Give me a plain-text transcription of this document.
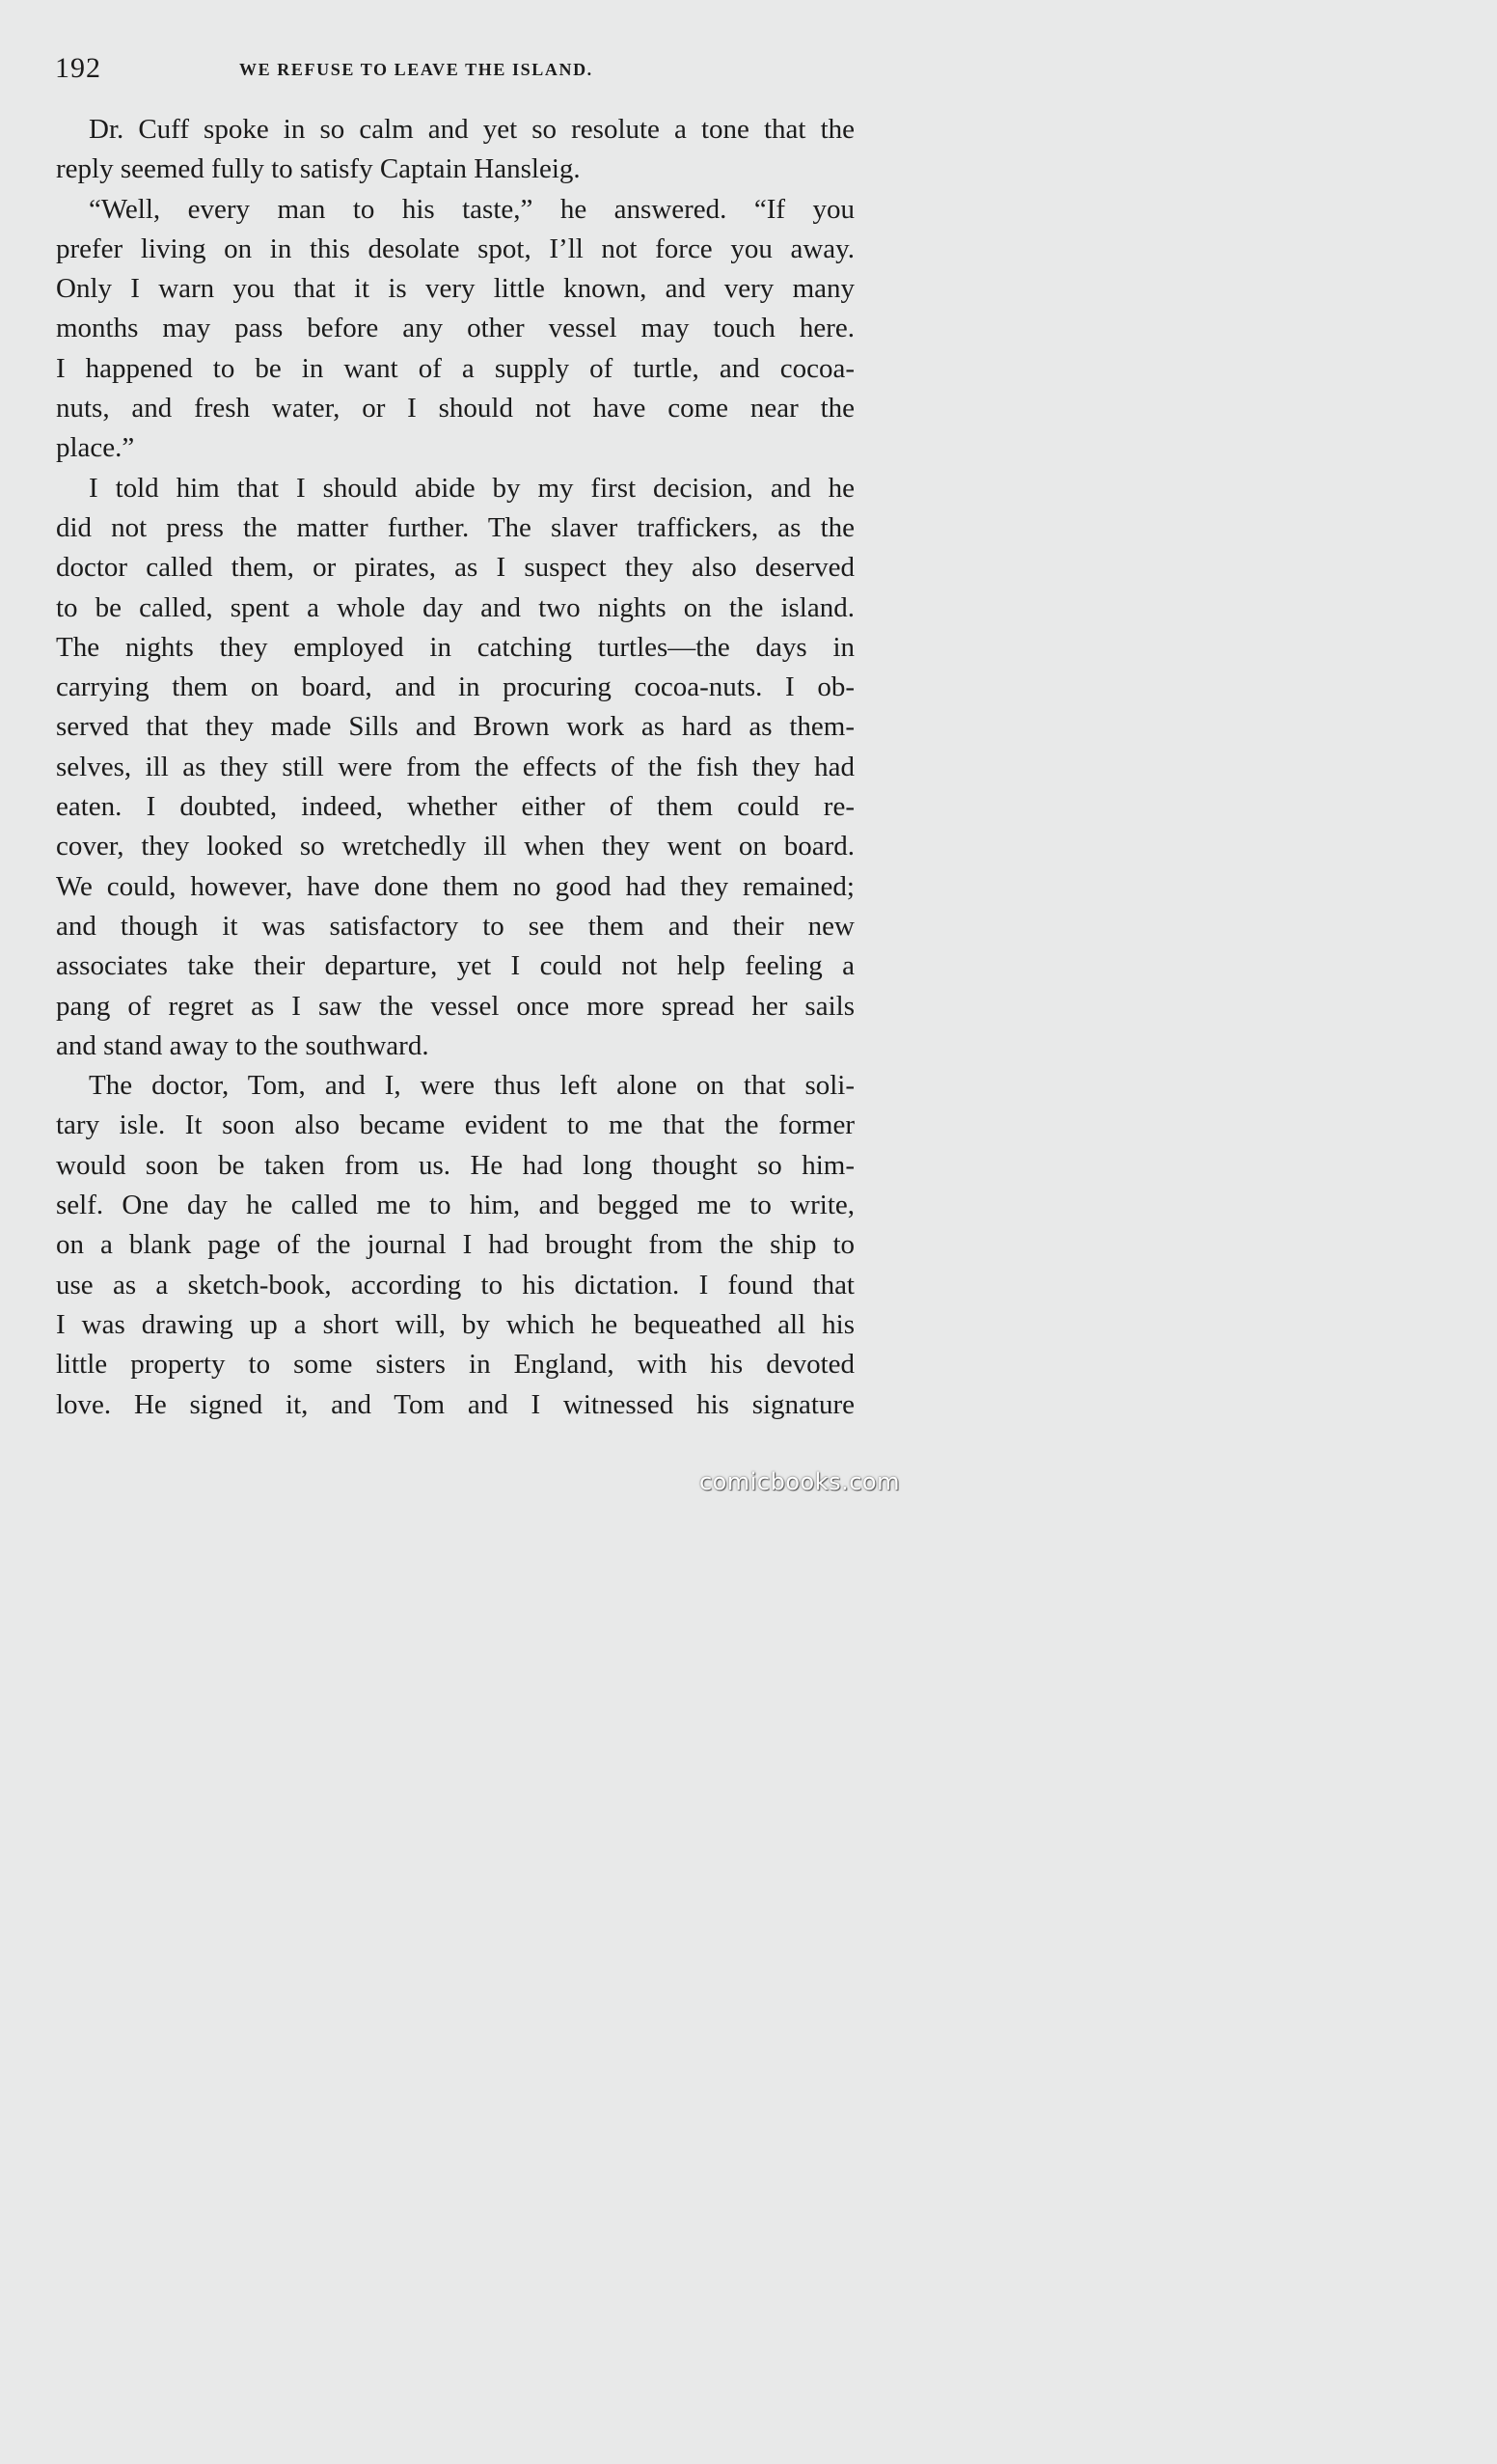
192	WE REFUSE TO LEAVE THE ISLAND.
Dr. Cuff spoke in so calm and yet so resolute a tone that the
reply seemed fully to satisfy Captain Hansleig.
“Well, every man to his taste,” he answered. “If you
prefer living on in this desolate spot, I’ll not force you away.
Only I warn you that it is very little known, and very many
months may pass before any other vessel may touch here.
I happened to be in want of a supply of turtle, and cocoa-
nuts, and fresh water, or I should not have come near the
place.”
I told him that I should abide by my first decision, and he
did not press the matter further. The slaver traffickers, as the
doctor called them, or pirates, as I suspect they also deserved
to be called, spent a whole day and two nights on the island.
The nights they employed in catching turtles—the days in
carrying them on board, and in procuring cocoa-nuts. I ob-
served that they made Sills and Brown work as hard as them-
selves, ill as they still were from the effects of the fish they had
eaten. I doubted, indeed, whether either of them could re-
cover, they looked so wretchedly ill when they went on board.
We could, however, have done them no good had they remained;
and though it was satisfactory to see them and their new
associates take their departure, yet I could not help feeling a
pang of regret as I saw the vessel once more spread her sails
and stand away to the southward.
The doctor, Tom, and I, were thus left alone on that soli-
tary isle. It soon also became evident to me that the former
would soon be taken from us. He had long thought so him-
self. One day he called me to him, and begged me to write,
on a blank page of the journal I had brought from the ship to
use as a sketch-book, according to his dictation. I found that
I was drawing up a short will, by which he bequeathed all his
little property to some sisters in England, with his devoted
love. He signed it, and Tom and I witnessed his signature
comicbooks.com
